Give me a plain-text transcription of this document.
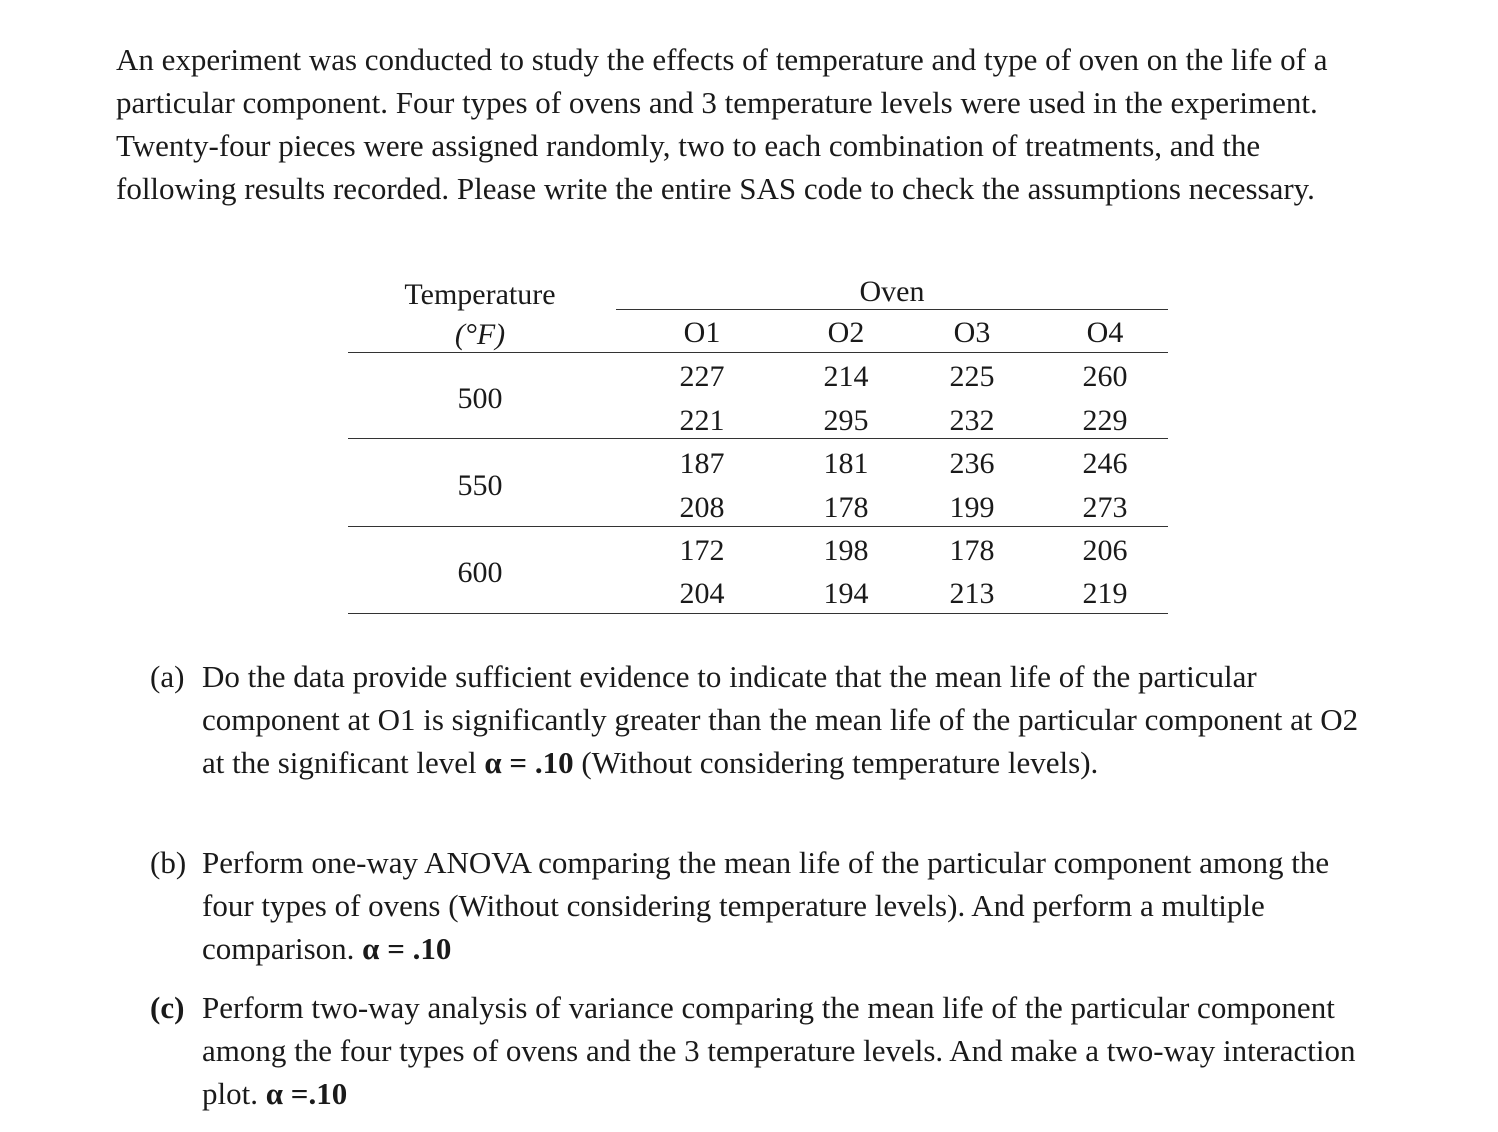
An experiment was conducted to study the effects of temperature and type of oven on the life of a particular component. Four types of ovens and 3 temperature levels were used in the experiment. Twenty-four pieces were assigned randomly, two to each combination of treatments, and the following results recorded. Please write the entire SAS code to check the assumptions necessary.

Temperature
(°F)
Oven
O1	O2	O3	O4
500
227	214	225	260
221	295	232	229
550
187	181	236	246
208	178	199	273
600
172	198	178	206
204	194	213	219
(a) Do the data provide sufficient evidence to indicate that the mean life of the particular component at O1 is significantly greater than the mean life of the particular component at O2 at the significant level α = .10 (Without considering temperature levels).
(b) Perform one-way ANOVA comparing the mean life of the particular component among the four types of ovens (Without considering temperature levels). And perform a multiple comparison. α = .10
(c) Perform two-way analysis of variance comparing the mean life of the particular component among the four types of ovens and the 3 temperature levels. And make a two-way interaction plot. α =.10
